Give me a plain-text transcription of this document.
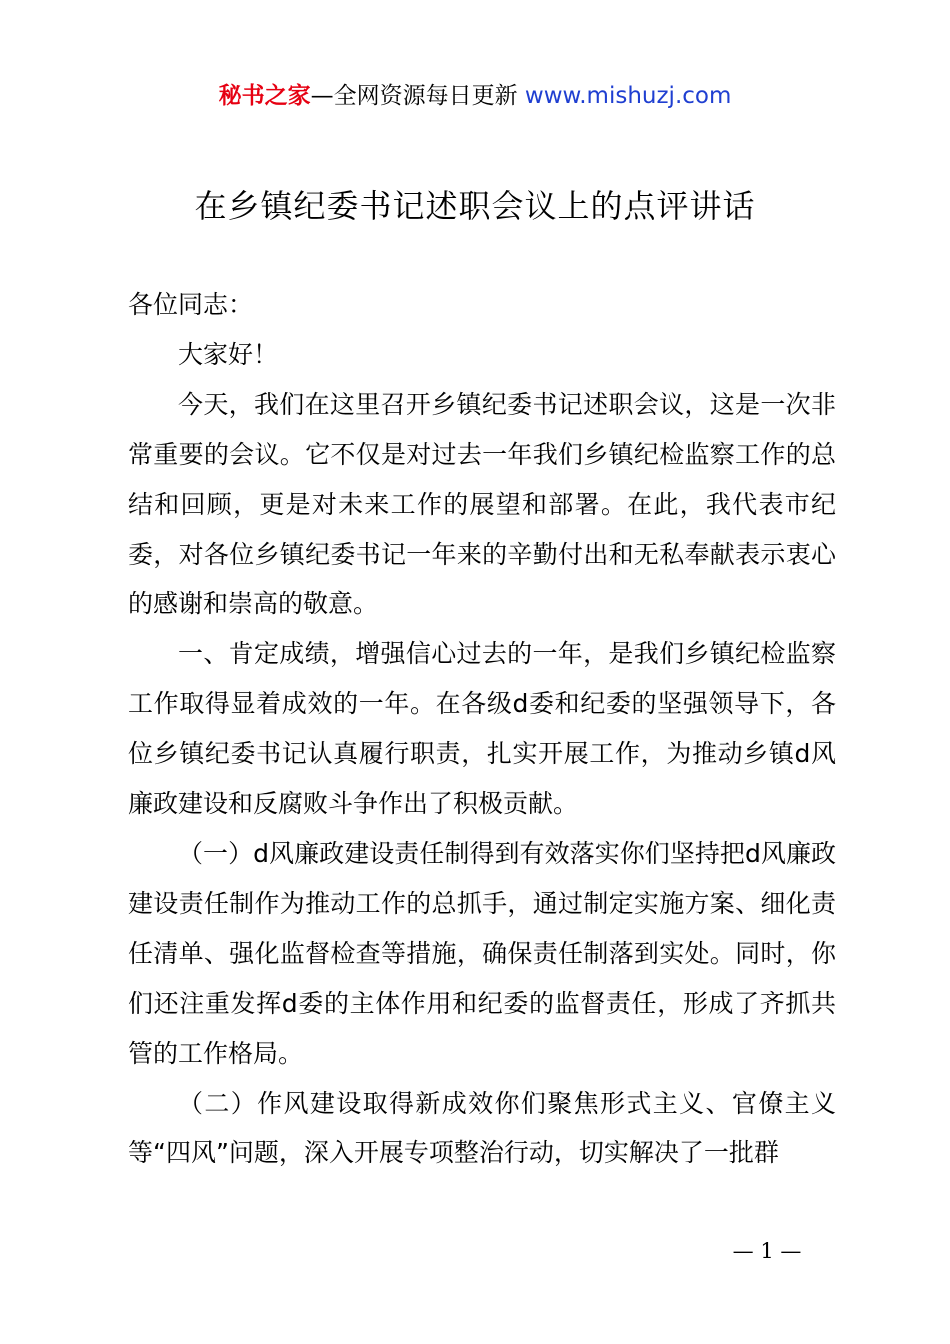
秘书之家—全网资源每日更新 www.mishuzj.com
在乡镇纪委书记述职会议上的点评讲话

各位同志：

大家好！

今天，我们在这里召开乡镇纪委书记述职会议，这是一次非常重要的会议。它不仅是对过去一年我们乡镇纪检监察工作的总结和回顾，更是对未来工作的展望和部署。在此，我代表市纪委，对各位乡镇纪委书记一年来的辛勤付出和无私奉献表示衷心的感谢和崇高的敬意。

一、肯定成绩，增强信心过去的一年，是我们乡镇纪检监察工作取得显着成效的一年。在各级d委和纪委的坚强领导下，各位乡镇纪委书记认真履行职责，扎实开展工作，为推动乡镇d风廉政建设和反腐败斗争作出了积极贡献。

（一）d风廉政建设责任制得到有效落实你们坚持把d风廉政建设责任制作为推动工作的总抓手，通过制定实施方案、细化责任清单、强化监督检查等措施，确保责任制落到实处。同时，你们还注重发挥d委的主体作用和纪委的监督责任，形成了齐抓共管的工作格局。

（二）作风建设取得新成效你们聚焦形式主义、官僚主义等“四风”问题，深入开展专项整治行动，切实解决了一批群

— 1 —
